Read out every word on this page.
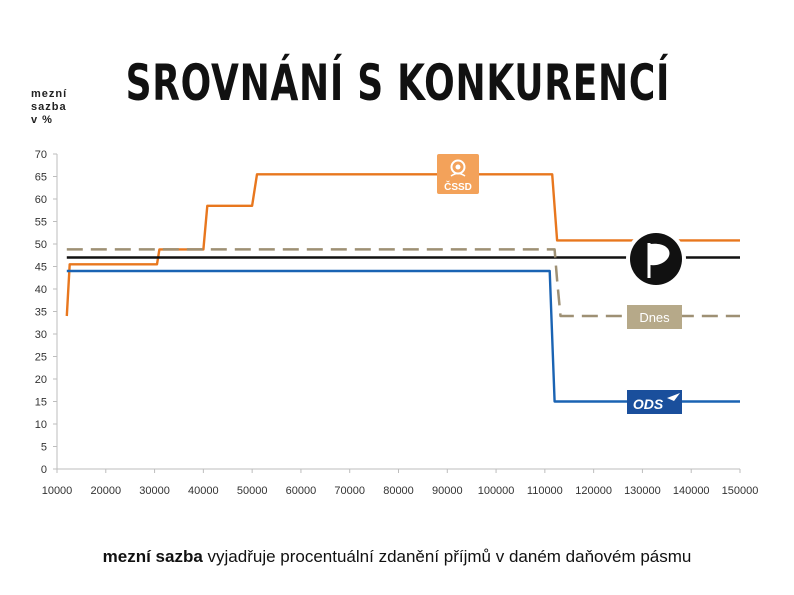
SROVNÁNÍ S KONKURENCÍ
mezní
sazba
v %
0
5
10
15
20
25
30
35
40
45
50
55
60
65
70
10000 20000 30000 40000 50000 60000 70000 80000 90000 100000 110000 120000 130000 140000 150000
ČSSD
Dnes
ODS
mezní sazba vyjadřuje procentuální zdanění příjmů v daném daňovém pásmu
